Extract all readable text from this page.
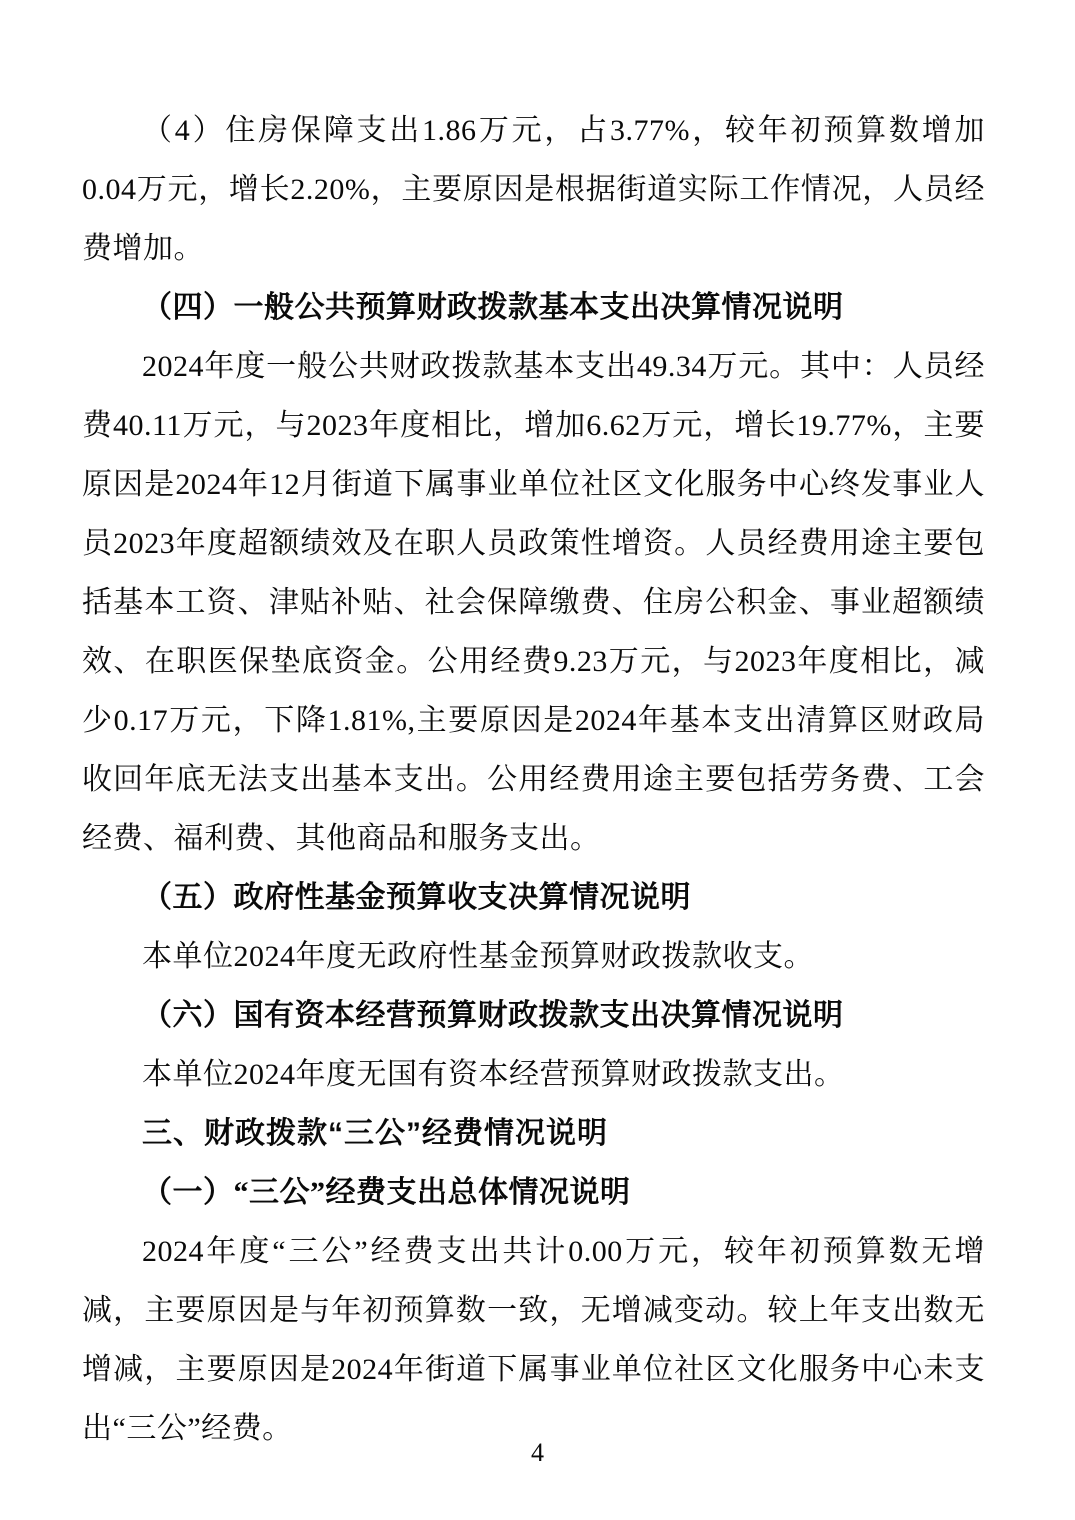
（4）住房保障支出1.86万元，占3.77%，较年初预算数增加0.04万元，增长2.20%，主要原因是根据街道实际工作情况，人员经费增加。

（四）一般公共预算财政拨款基本支出决算情况说明

2024年度一般公共财政拨款基本支出49.34万元。其中：人员经费40.11万元，与2023年度相比，增加6.62万元，增长19.77%，主要原因是2024年12月街道下属事业单位社区文化服务中心终发事业人员2023年度超额绩效及在职人员政策性增资。人员经费用途主要包括基本工资、津贴补贴、社会保障缴费、住房公积金、事业超额绩效、在职医保垫底资金。公用经费9.23万元，与2023年度相比，减少0.17万元，下降1.81%,主要原因是2024年基本支出清算区财政局收回年底无法支出基本支出。公用经费用途主要包括劳务费、工会经费、福利费、其他商品和服务支出。

（五）政府性基金预算收支决算情况说明

本单位2024年度无政府性基金预算财政拨款收支。

（六）国有资本经营预算财政拨款支出决算情况说明

本单位2024年度无国有资本经营预算财政拨款支出。

三、财政拨款“三公”经费情况说明

（一）“三公”经费支出总体情况说明

2024年度“三公”经费支出共计0.00万元，较年初预算数无增减，主要原因是与年初预算数一致，无增减变动。较上年支出数无增减，主要原因是2024年街道下属事业单位社区文化服务中心未支出“三公”经费。

4
